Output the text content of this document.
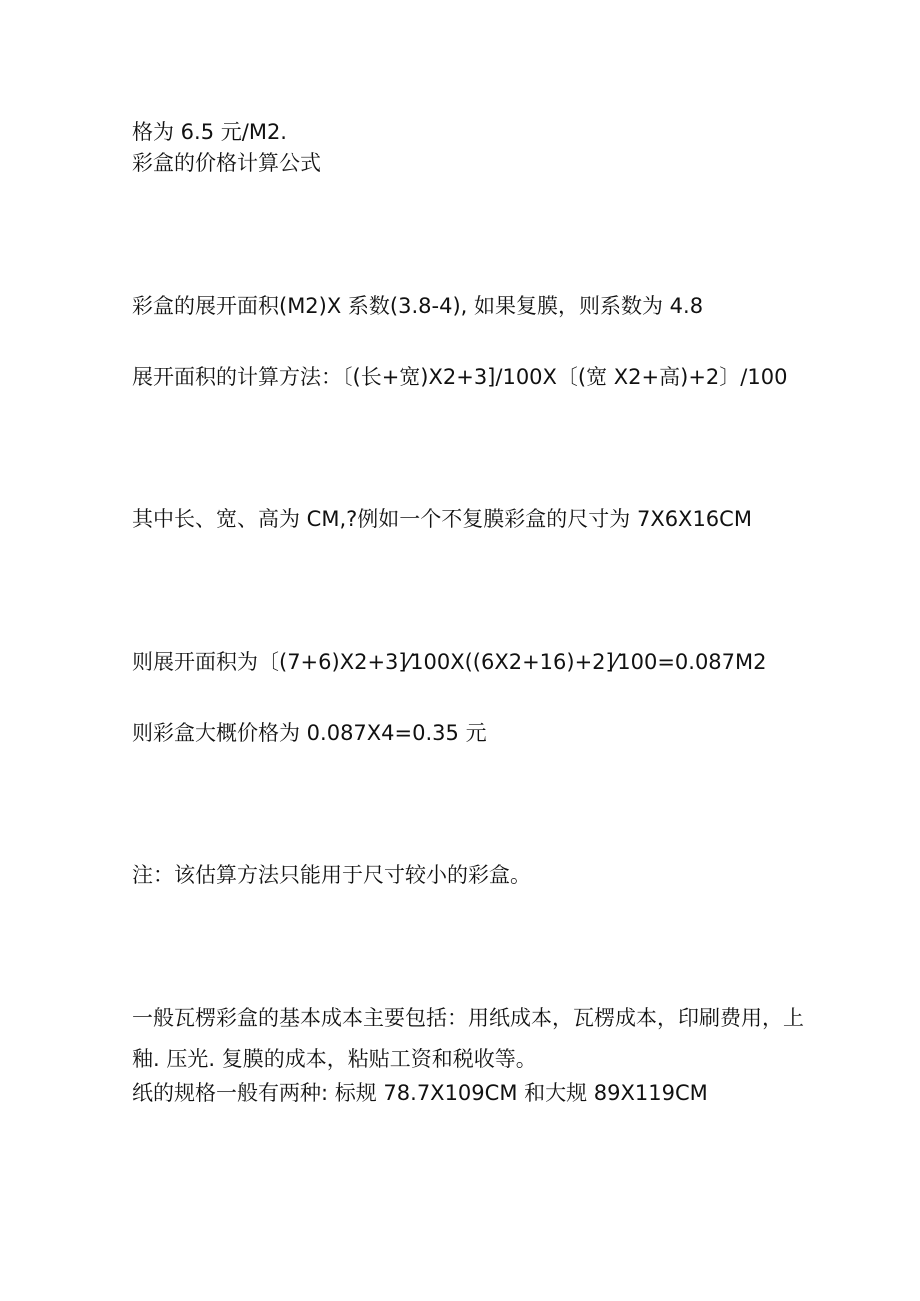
格为 6.5 元/M2.
彩盒的价格计算公式
彩盒的展开面积(M2)X 系数(3.8-4), 如果复膜，则系数为 4.8
展开面积的计算方法：〔(长+宽)X2+3]/100X〔(宽 X2+高)+2〕/100
其中长、宽、高为 CM,?例如一个不复膜彩盒的尺寸为 7X6X16CM
则展开面积为〔(7+6)X2+3]⁄100X((6X2+16)+2]⁄100=0.087M2
则彩盒大概价格为 0.087X4=0.35 元
注：该估算方法只能用于尺寸较小的彩盒。
一般瓦楞彩盒的基本成本主要包括：用纸成本，瓦楞成本，印刷费用，上
釉. 压光. 复膜的成本，粘贴工资和税收等。
纸的规格一般有两种: 标规 78.7X109CM 和大规 89X119CM
